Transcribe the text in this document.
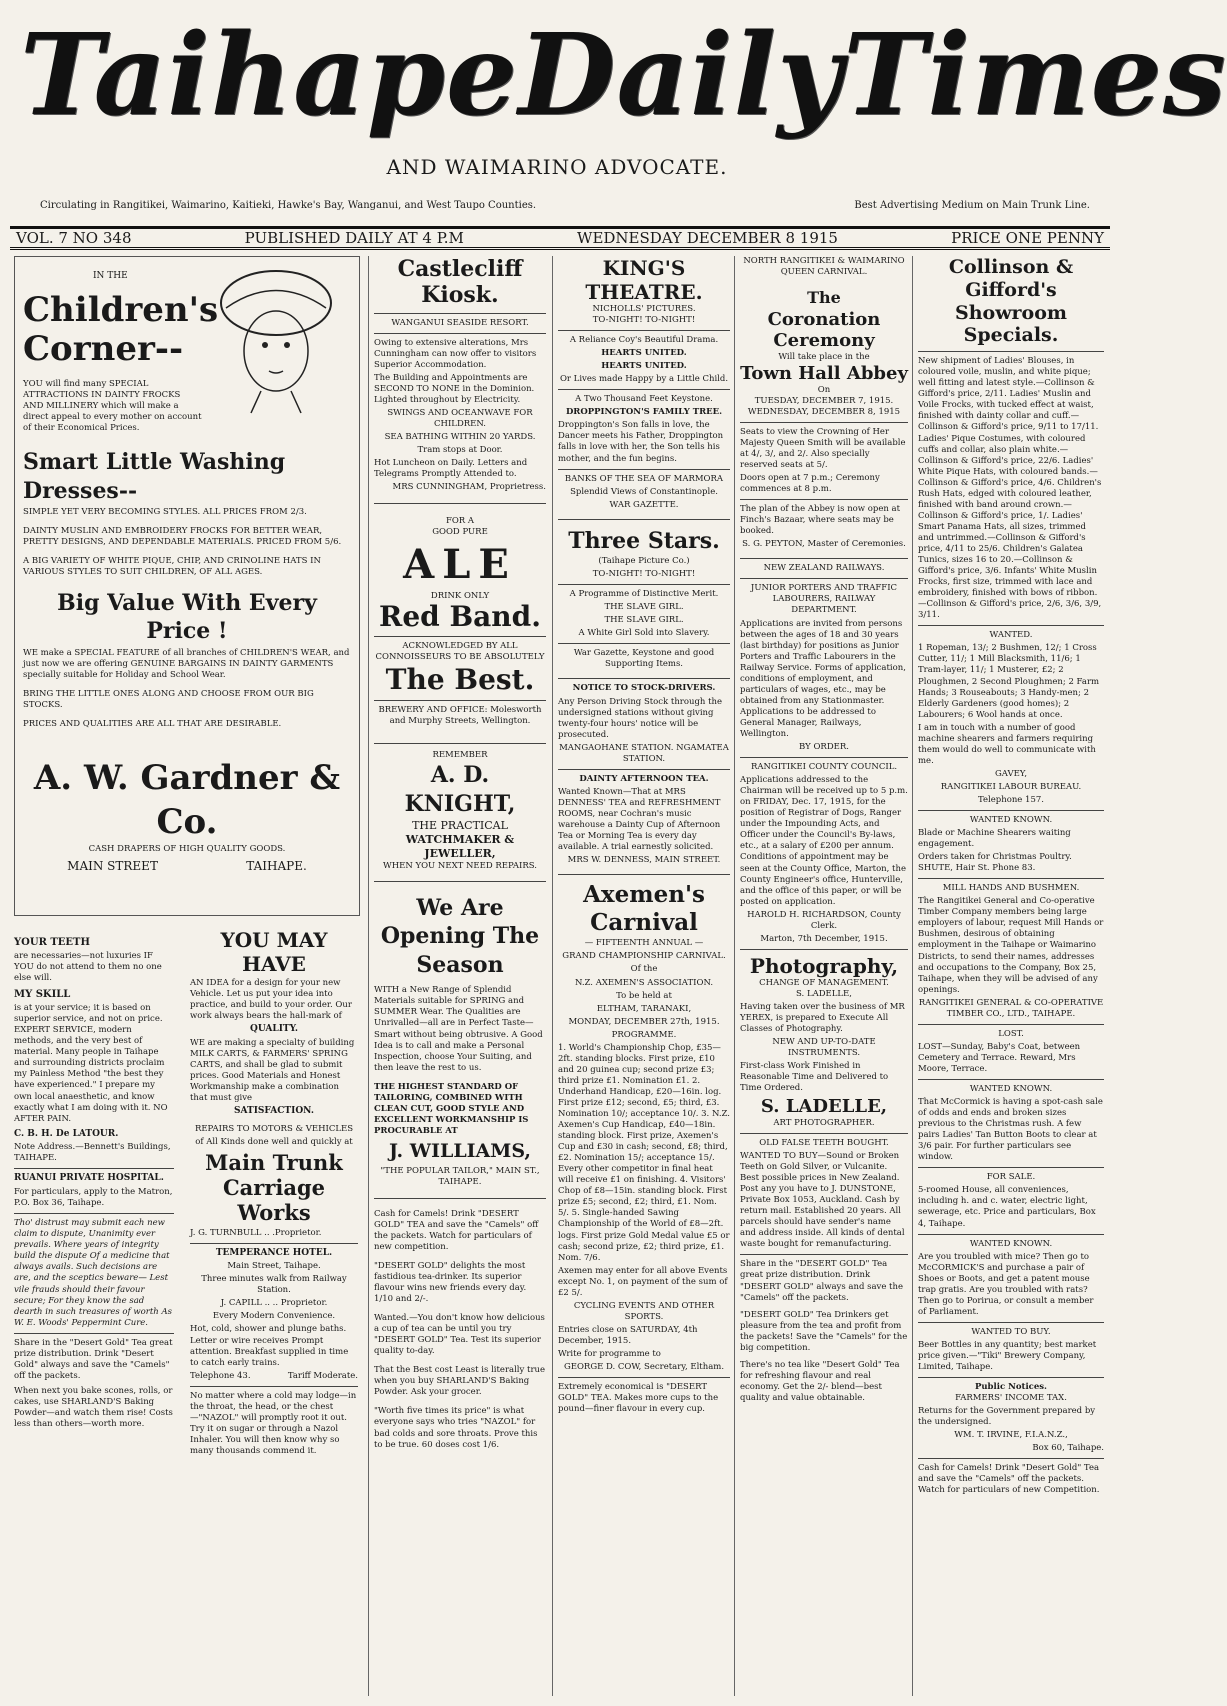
Taihape Daily Times
AND WAIMARINO ADVOCATE.
Circulating in Rangitikei, Waimarino, Kaitieki, Hawke's Bay, Wanganui, and West Taupo Counties.	Best Advertising Medium on Main Trunk Line.
VOL. 7 NO 348	PUBLISHED DAILY AT 4 P.M	WEDNESDAY DECEMBER 8 1915	PRICE ONE PENNY
IN THE
Children's Corner--
YOU will find many SPECIAL ATTRACTIONS IN DAINTY FROCKS AND MILLINERY which will make a direct appeal to every mother on account of their Economical Prices.
Smart Little Washing Dresses--

SIMPLE YET VERY BECOMING STYLES. ALL PRICES FROM 2/3.

DAINTY MUSLIN AND EMBROIDERY FROCKS FOR BETTER WEAR, PRETTY DESIGNS, AND DEPENDABLE MATERIALS. PRICED FROM 5/6.

A BIG VARIETY OF WHITE PIQUE, CHIP, AND CRINOLINE HATS IN VARIOUS STYLES TO SUIT CHILDREN, OF ALL AGES.

Big Value With Every Price !

WE make a SPECIAL FEATURE of all branches of CHILDREN'S WEAR, and just now we are offering GENUINE BARGAINS IN DAINTY GARMENTS specially suitable for Holiday and School Wear.

BRING THE LITTLE ONES ALONG AND CHOOSE FROM OUR BIG STOCKS.

PRICES AND QUALITIES ARE ALL THAT ARE DESIRABLE.

A. W. Gardner & Co.
CASH DRAPERS OF HIGH QUALITY GOODS.
MAIN STREET	TAIHAPE.
YOUR TEETH

are necessaries—not luxuries IF YOU do not attend to them no one else will.

MY SKILL

is at your service; it is based on superior service, and not on price. EXPERT SERVICE, modern methods, and the very best of material. Many people in Taihape and surrounding districts proclaim my Painless Method "the best they have experienced." I prepare my own local anaesthetic, and know exactly what I am doing with it. NO AFTER PAIN.

C. B. H. De LATOUR.

Note Address.—Bennett's Buildings, TAIHAPE.

RUANUI PRIVATE HOSPITAL.

For particulars, apply to the Matron, P.O. Box 36, Taihape.

Tho' distrust may submit each new claim to dispute, Unanimity ever prevails. Where years of integrity build the dispute Of a medicine that always avails. Such decisions are are, and the sceptics beware— Lest vile frauds should their favour secure; For they know the sad dearth in such treasures of worth As W. E. Woods' Peppermint Cure.

Share in the "Desert Gold" Tea great prize distribution. Drink "Desert Gold" always and save the "Camels" off the packets.

When next you bake scones, rolls, or cakes, use SHARLAND'S Baking Powder—and watch them rise! Costs less than others—worth more.

YOU MAY HAVE

AN IDEA for a design for your new Vehicle. Let us put your idea into practice, and build to your order. Our work always bears the hall-mark of

QUALITY.

WE are making a specialty of building MILK CARTS, & FARMERS' SPRING CARTS, and shall be glad to submit prices. Good Materials and Honest Workmanship make a combination that must give

SATISFACTION.
REPAIRS TO MOTORS & VEHICLES

of All Kinds done well and quickly at

Main Trunk Carriage Works

J. G. TURNBULL .. .Proprietor.

TEMPERANCE HOTEL.

Main Street, Taihape.

Three minutes walk from Railway Station.

J. CAPILL .. .. Proprietor.

Every Modern Convenience.

Hot, cold, shower and plunge baths. Letter or wire receives Prompt attention. Breakfast supplied in time to catch early trains.

Telephone 43.	Tariff Moderate.

No matter where a cold may lodge—in the throat, the head, or the chest—"NAZOL" will promptly root it out. Try it on sugar or through a Nazol Inhaler. You will then know why so many thousands commend it.

Castlecliff Kiosk.
WANGANUI SEASIDE RESORT.

Owing to extensive alterations, Mrs Cunningham can now offer to visitors Superior Accommodation.

The Building and Appointments are SECOND TO NONE in the Dominion. Lighted throughout by Electricity.

SWINGS AND OCEANWAVE FOR CHILDREN.

SEA BATHING WITHIN 20 YARDS.

Tram stops at Door.

Hot Luncheon on Daily. Letters and Telegrams Promptly Attended to.

MRS CUNNINGHAM, Proprietress.

FOR A
GOOD PURE
ALE
DRINK ONLY
Red Band.

ACKNOWLEDGED BY ALL CONNOISSEURS TO BE ABSOLUTELY

The Best.

BREWERY AND OFFICE: Molesworth and Murphy Streets, Wellington.

REMEMBER
A. D. KNIGHT,
THE PRACTICAL
WATCHMAKER & JEWELLER,
WHEN YOU NEXT NEED REPAIRS.
We Are Opening The Season

WITH a New Range of Splendid Materials suitable for SPRING and SUMMER Wear. The Qualities are Unrivalled—all are in Perfect Taste—Smart without being obtrusive. A Good Idea is to call and make a Personal Inspection, choose Your Suiting, and then leave the rest to us.

THE HIGHEST STANDARD OF TAILORING, COMBINED WITH CLEAN CUT, GOOD STYLE AND EXCELLENT WORKMANSHIP IS PROCURABLE AT

J. WILLIAMS,

"THE POPULAR TAILOR," MAIN ST., TAIHAPE.

Cash for Camels! Drink "DESERT GOLD" TEA and save the "Camels" off the packets. Watch for particulars of new competition.

"DESERT GOLD" delights the most fastidious tea-drinker. Its superior flavour wins new friends every day. 1/10 and 2/-.

Wanted.—You don't know how delicious a cup of tea can be until you try "DESERT GOLD" Tea. Test its superior quality to-day.

That the Best cost Least is literally true when you buy SHARLAND'S Baking Powder. Ask your grocer.

"Worth five times its price" is what everyone says who tries "NAZOL" for bad colds and sore throats. Prove this to be true. 60 doses cost 1/6.

KING'S THEATRE.
NICHOLLS' PICTURES.
TO-NIGHT! TO-NIGHT!

A Reliance Coy's Beautiful Drama.

HEARTS UNITED.

HEARTS UNITED.

Or Lives made Happy by a Little Child.

A Two Thousand Feet Keystone.

DROPPINGTON'S FAMILY TREE.

Droppington's Son falls in love, the Dancer meets his Father, Droppington falls in love with her, the Son tells his mother, and the fun begins.

BANKS OF THE SEA OF MARMORA

Splendid Views of Constantinople.

WAR GAZETTE.

Three Stars.

(Taihape Picture Co.)

TO-NIGHT! TO-NIGHT!

A Programme of Distinctive Merit.

THE SLAVE GIRL.

THE SLAVE GIRL.

A White Girl Sold into Slavery.

War Gazette, Keystone and good Supporting Items.

NOTICE TO STOCK-DRIVERS.

Any Person Driving Stock through the undersigned stations without giving twenty-four hours' notice will be prosecuted.

MANGAOHANE STATION. NGAMATEA STATION.

DAINTY AFTERNOON TEA.

Wanted Known—That at MRS DENNESS' TEA and REFRESHMENT ROOMS, near Cochran's music warehouse a Dainty Cup of Afternoon Tea or Morning Tea is every day available. A trial earnestly solicited.

MRS W. DENNESS, MAIN STREET.

Axemen's Carnival

— FIFTEENTH ANNUAL —

GRAND CHAMPIONSHIP CARNIVAL.

Of the

N.Z. AXEMEN'S ASSOCIATION.

To be held at

ELTHAM, TARANAKI,

MONDAY, DECEMBER 27th, 1915.

PROGRAMME.

1. World's Championship Chop, £35—2ft. standing blocks. First prize, £10 and 20 guinea cup; second prize £3; third prize £1. Nomination £1. 2. Underhand Handicap, £20—16in. log. First prize £12; second, £5; third, £3. Nomination 10/; acceptance 10/. 3. N.Z. Axemen's Cup Handicap, £40—18in. standing block. First prize, Axemen's Cup and £30 in cash; second, £8; third, £2. Nomination 15/; acceptance 15/. Every other competitor in final heat will receive £1 on finishing. 4. Visitors' Chop of £8—15in. standing block. First prize £5; second, £2; third, £1. Nom. 5/. 5. Single-handed Sawing Championship of the World of £8—2ft. logs. First prize Gold Medal value £5 or cash; second prize, £2; third prize, £1. Nom. 7/6.

Axemen may enter for all above Events except No. 1, on payment of the sum of £2 5/.

CYCLING EVENTS AND OTHER SPORTS.

Entries close on SATURDAY, 4th December, 1915.

Write for programme to

GEORGE D. COW, Secretary, Eltham.

Extremely economical is "DESERT GOLD" TEA. Makes more cups to the pound—finer flavour in every cup.

NORTH RANGITIKEI & WAIMARINO QUEEN CARNIVAL.
The
Coronation Ceremony
Will take place in the
Town Hall Abbey
On
TUESDAY, DECEMBER 7, 1915.
WEDNESDAY, DECEMBER 8, 1915

Seats to view the Crowning of Her Majesty Queen Smith will be available at 4/, 3/, and 2/. Also specially reserved seats at 5/.

Doors open at 7 p.m.; Ceremony commences at 8 p.m.

The plan of the Abbey is now open at Finch's Bazaar, where seats may be booked.

S. G. PEYTON, Master of Ceremonies.

NEW ZEALAND RAILWAYS.

JUNIOR PORTERS AND TRAFFIC LABOURERS, RAILWAY DEPARTMENT.

Applications are invited from persons between the ages of 18 and 30 years (last birthday) for positions as Junior Porters and Traffic Labourers in the Railway Service. Forms of application, conditions of employment, and particulars of wages, etc., may be obtained from any Stationmaster. Applications to be addressed to General Manager, Railways, Wellington.

BY ORDER.

RANGITIKEI COUNTY COUNCIL.

Applications addressed to the Chairman will be received up to 5 p.m. on FRIDAY, Dec. 17, 1915, for the position of Registrar of Dogs, Ranger under the Impounding Acts, and Officer under the Council's By-laws, etc., at a salary of £200 per annum. Conditions of appointment may be seen at the County Office, Marton, the County Engineer's office, Hunterville, and the office of this paper, or will be posted on application.

HAROLD H. RICHARDSON, County Clerk.

Marton, 7th December, 1915.

Photography,
CHANGE OF MANAGEMENT.
S. LADELLE,

Having taken over the business of MR YEREX, is prepared to Execute All Classes of Photography.

NEW AND UP-TO-DATE INSTRUMENTS.

First-class Work Finished in Reasonable Time and Delivered to Time Ordered.

S. LADELLE,
ART PHOTOGRAPHER.
OLD FALSE TEETH BOUGHT.

WANTED TO BUY—Sound or Broken Teeth on Gold Silver, or Vulcanite. Best possible prices in New Zealand. Post any you have to J. DUNSTONE, Private Box 1053, Auckland. Cash by return mail. Established 20 years. All parcels should have sender's name and address inside. All kinds of dental waste bought for remanufacturing.

Share in the "DESERT GOLD" Tea great prize distribution. Drink "DESERT GOLD" always and save the "Camels" off the packets.

"DESERT GOLD" Tea Drinkers get pleasure from the tea and profit from the packets! Save the "Camels" for the big competition.

There's no tea like "Desert Gold" Tea for refreshing flavour and real economy. Get the 2/- blend—best quality and value obtainable.

Collinson & Gifford's Showroom Specials.

New shipment of Ladies' Blouses, in coloured voile, muslin, and white pique; well fitting and latest style.—Collinson & Gifford's price, 2/11. Ladies' Muslin and Voile Frocks, with tucked effect at waist, finished with dainty collar and cuff.—Collinson & Gifford's price, 9/11 to 17/11. Ladies' Pique Costumes, with coloured cuffs and collar, also plain white.—Collinson & Gifford's price, 22/6. Ladies' White Pique Hats, with coloured bands.—Collinson & Gifford's price, 4/6. Children's Rush Hats, edged with coloured leather, finished with band around crown.—Collinson & Gifford's price, 1/. Ladies' Smart Panama Hats, all sizes, trimmed and untrimmed.—Collinson & Gifford's price, 4/11 to 25/6. Children's Galatea Tunics, sizes 16 to 20.—Collinson & Gifford's price, 3/6. Infants' White Muslin Frocks, first size, trimmed with lace and embroidery, finished with bows of ribbon.—Collinson & Gifford's price, 2/6, 3/6, 3/9, 3/11.

WANTED.

1 Ropeman, 13/; 2 Bushmen, 12/; 1 Cross Cutter, 11/; 1 Mill Blacksmith, 11/6; 1 Tram-layer, 11/; 1 Musterer, £2; 2 Ploughmen, 2 Second Ploughmen; 2 Farm Hands; 3 Rouseabouts; 3 Handy-men; 2 Elderly Gardeners (good homes); 2 Labourers; 6 Wool hands at once.

I am in touch with a number of good machine shearers and farmers requiring them would do well to communicate with me.

GAVEY,

RANGITIKEI LABOUR BUREAU.

Telephone 157.

WANTED KNOWN.

Blade or Machine Shearers waiting engagement.

Orders taken for Christmas Poultry. SHUTE, Hair St. Phone 83.

MILL HANDS AND BUSHMEN.

The Rangitikei General and Co-operative Timber Company members being large employers of labour, request Mill Hands or Bushmen, desirous of obtaining employment in the Taihape or Waimarino Districts, to send their names, addresses and occupations to the Company, Box 25, Taihape, when they will be advised of any openings.

RANGITIKEI GENERAL & CO-OPERATIVE TIMBER CO., LTD., TAIHAPE.

LOST.

LOST—Sunday, Baby's Coat, between Cemetery and Terrace. Reward, Mrs Moore, Terrace.

WANTED KNOWN.

That McCormick is having a spot-cash sale of odds and ends and broken sizes previous to the Christmas rush. A few pairs Ladies' Tan Button Boots to clear at 3/6 pair. For further particulars see window.

FOR SALE.

5-roomed House, all conveniences, including h. and c. water, electric light, sewerage, etc. Price and particulars, Box 4, Taihape.

WANTED KNOWN.

Are you troubled with mice? Then go to McCORMICK'S and purchase a pair of Shoes or Boots, and get a patent mouse trap gratis. Are you troubled with rats? Then go to Porirua, or consult a member of Parliament.

WANTED TO BUY.

Beer Bottles in any quantity; best market price given.—"Tiki" Brewery Company, Limited, Taihape.

Public Notices.
FARMERS' INCOME TAX.

Returns for the Government prepared by the undersigned.

WM. T. IRVINE, F.I.A.N.Z.,

Box 60, Taihape.

Cash for Camels! Drink "Desert Gold" Tea and save the "Camels" off the packets. Watch for particulars of new Competition.
